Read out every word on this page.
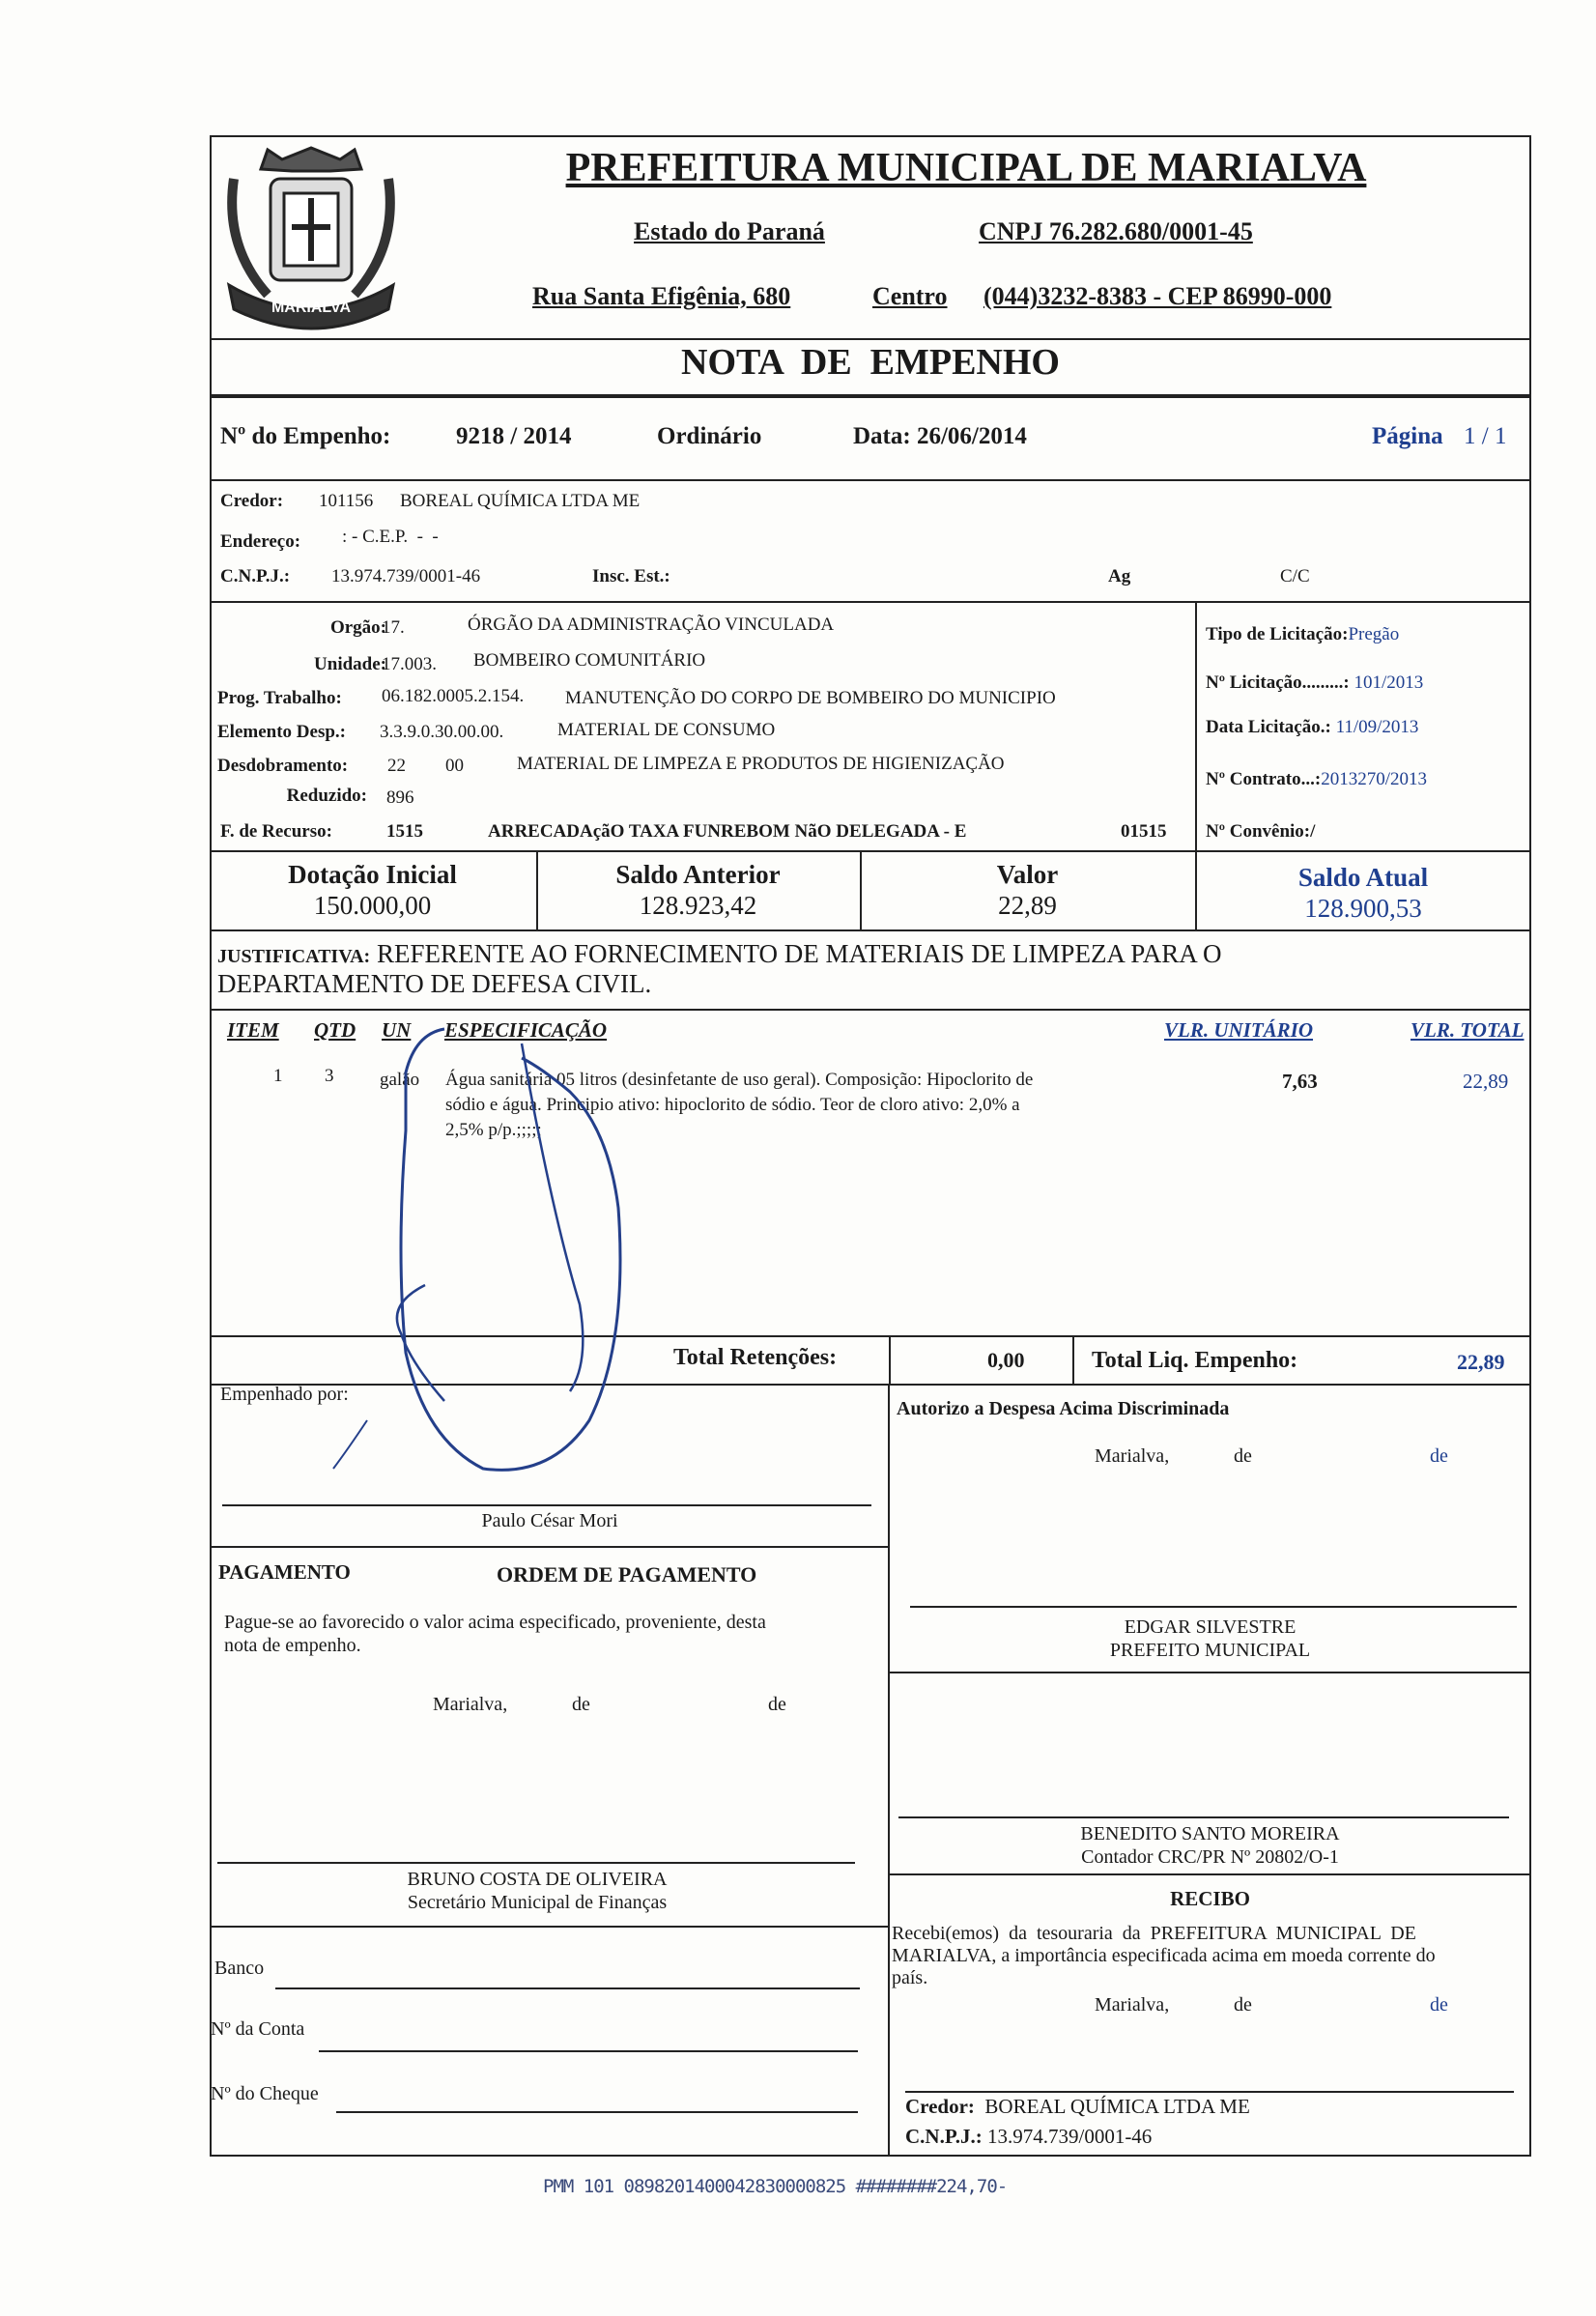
MARIALVA
PREFEITURA MUNICIPAL DE MARIALVA
Estado do Paraná	CNPJ 76.282.680/0001-45
Rua Santa Efigênia, 680	Centro (044)3232-8383 - CEP 86990-000
NOTA  DE  EMPENHO
Nº do Empenho:	9218 / 2014	Ordinário	Data: 26/06/2014	Página 1 / 1
Credor: 101156 BOREAL QUÍMICA LTDA ME
Endereço: : - C.E.P.  -  -
C.N.P.J.: 13.974.739/0001-46	Insc. Est.:	Ag	C/C
Orgão:
17.	ÓRGÃO DA ADMINISTRAÇÃO VINCULADA
Unidade:
17.003. BOMBEIRO COMUNITÁRIO
Prog. Trabalho: 06.182.0005.2.154. MANUTENÇÃO DO CORPO DE BOMBEIRO DO MUNICIPIO
Elemento Desp.: 3.3.9.0.30.00.00.	MATERIAL DE CONSUMO
Desdobramento: 22 00	MATERIAL DE LIMPEZA E PRODUTOS DE HIGIENIZAÇÃO
Reduzido: 896
F. de Recurso:	1515	ARRECADAçãO TAXA FUNREBOM NãO DELEGADA - E	01515
Tipo de Licitação:Pregão
Nº Licitação.........: 101/2013
Data Licitação.: 11/09/2013
Nº Contrato...:2013270/2013
Nº Convênio:/
Dotação Inicial
150.000,00
Saldo Anterior
128.923,42
Valor
22,89
Saldo Atual
128.900,53
JUSTIFICATIVA: REFERENTE AO FORNECIMENTO DE MATERIAIS DE LIMPEZA PARA O
DEPARTAMENTO DE DEFESA CIVIL.
ITEM QTD UN ESPECIFICAÇÃO	VLR. UNITÁRIO	VLR. TOTAL
1 3	galão Água sanitária 05 litros (desinfetante de uso geral). Composição: Hipoclorito de
sódio e água. Principio ativo: hipoclorito de sódio. Teor de cloro ativo: 2,0% a
2,5% p/p.;;;;;
7,63	22,89
Total Retenções:	0,00	Total Liq. Empenho:	22,89
Empenhado por:
Paulo César Mori
PAGAMENTO	ORDEM DE PAGAMENTO
Pague-se ao favorecido o valor acima especificado, proveniente, desta
nota de empenho.
Marialva,	de	de
BRUNO COSTA DE OLIVEIRA
Secretário Municipal de Finanças
Banco
Nº da Conta
Nº do Cheque
Autorizo a Despesa Acima Discriminada
Marialva,	de	de
EDGAR SILVESTRE
PREFEITO MUNICIPAL
BENEDITO SANTO MOREIRA
Contador CRC/PR Nº 20802/O-1
RECIBO
Recebi(emos)  da  tesouraria  da  PREFEITURA  MUNICIPAL  DE
MARIALVA, a importância especificada acima em moeda corrente do
país.
Marialva,	de	de
Credor: BOREAL QUÍMICA LTDA ME
C.N.P.J.: 13.974.739/0001-46
PMM 101 0898201400042830000825 ########224,70-
